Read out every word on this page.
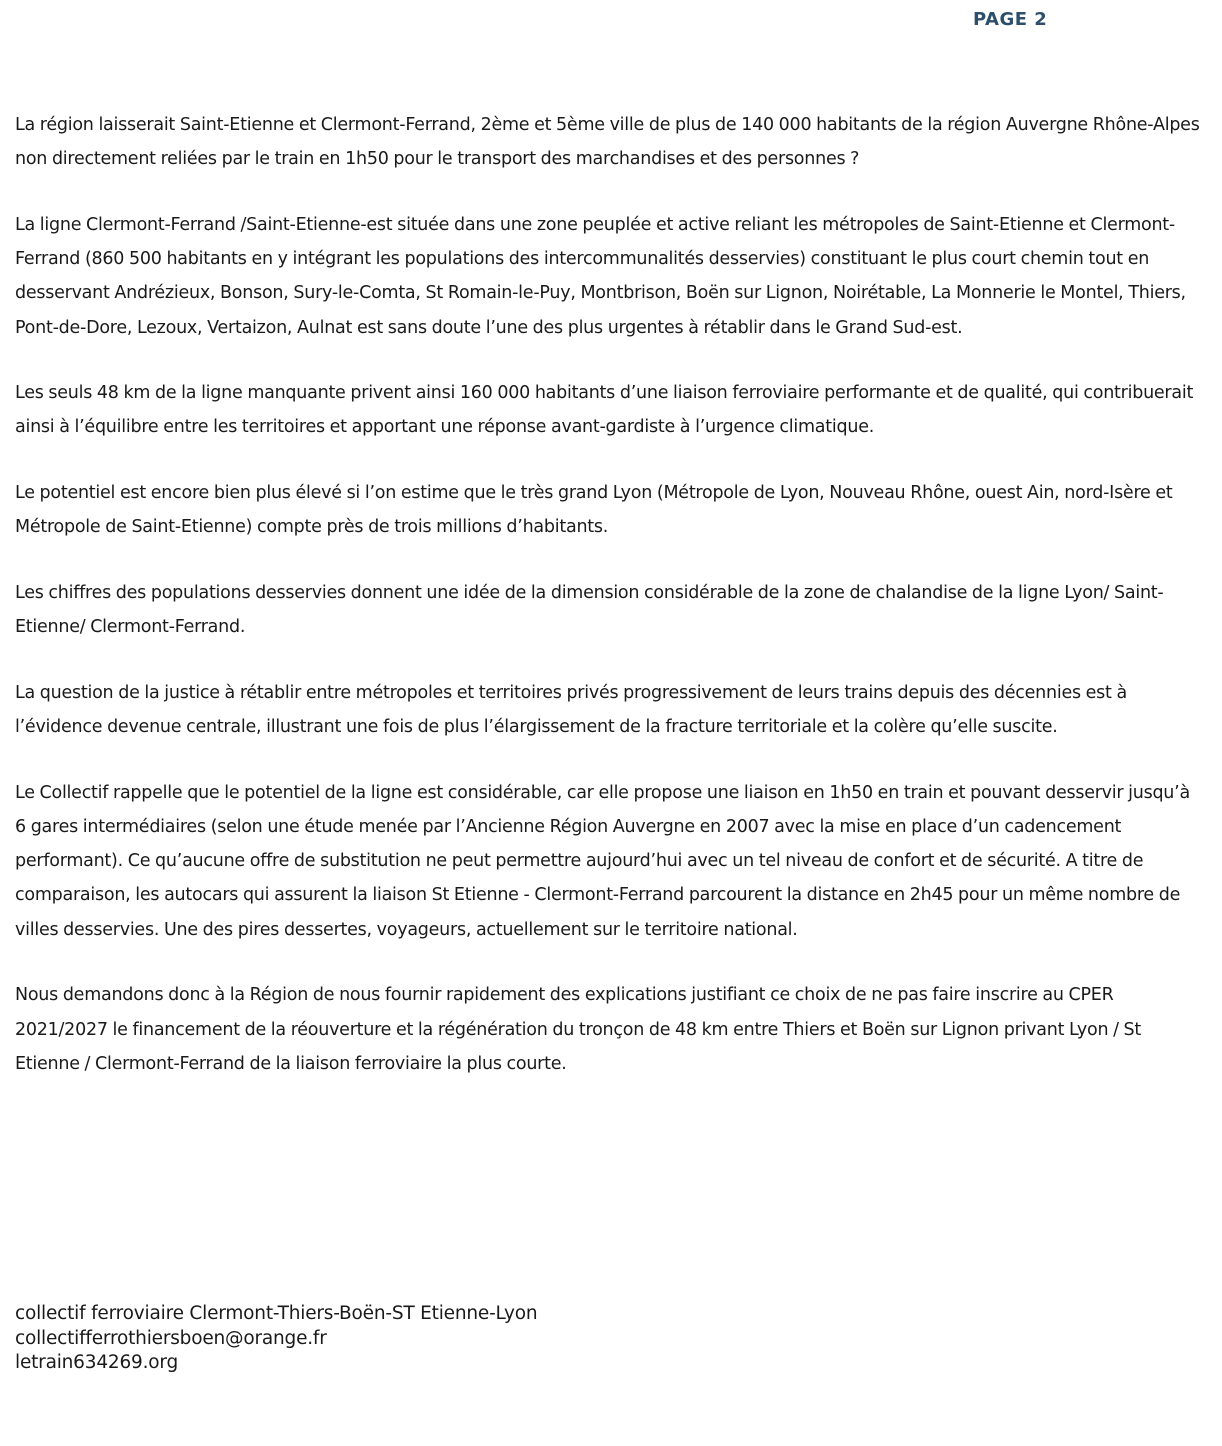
PAGE 2

La région laisserait Saint-Etienne et Clermont-Ferrand, 2ème et 5ème ville de plus de 140 000 habitants de la région Auvergne Rhône-Alpes non directement reliées par le train en 1h50 pour le transport des marchandises et des personnes ?

La ligne Clermont-Ferrand /Saint-Etienne-est située dans une zone peuplée et active reliant les métropoles de Saint-Etienne et Clermont-Ferrand (860 500 habitants en y intégrant les populations des intercommunalités desservies) constituant le plus court chemin tout en desservant Andrézieux, Bonson, Sury-le-Comta, St Romain-le-Puy, Montbrison, Boën sur Lignon, Noirétable, La Monnerie le Montel, Thiers, Pont-de-Dore, Lezoux, Vertaizon, Aulnat est sans doute l’une des plus urgentes à rétablir dans le Grand Sud-est.

Les seuls 48 km de la ligne manquante privent ainsi 160 000 habitants d’une liaison ferroviaire performante et de qualité, qui contribuerait ainsi à l’équilibre entre les territoires et apportant une réponse avant-gardiste à l’urgence climatique.

Le potentiel est encore bien plus élevé si l’on estime que le très grand Lyon (Métropole de Lyon, Nouveau Rhône, ouest Ain, nord-Isère et Métropole de Saint-Etienne) compte près de trois millions d’habitants.

Les chiffres des populations desservies donnent une idée de la dimension considérable de la zone de chalandise de la ligne Lyon/ Saint-Etienne/ Clermont-Ferrand.

La question de la justice à rétablir entre métropoles et territoires privés progressivement de leurs trains depuis des décennies est à l’évidence devenue centrale, illustrant une fois de plus l’élargissement de la fracture territoriale et la colère qu’elle suscite.

Le Collectif rappelle que le potentiel de la ligne est considérable, car elle propose une liaison en 1h50 en train et pouvant desservir jusqu’à 6 gares intermédiaires (selon une étude menée par l’Ancienne Région Auvergne en 2007 avec la mise en place d’un cadencement performant). Ce qu’aucune offre de substitution ne peut permettre aujourd’hui avec un tel niveau de confort et de sécurité. A titre de comparaison, les autocars qui assurent la liaison St Etienne - Clermont-Ferrand parcourent la distance en 2h45 pour un même nombre de villes desservies. Une des pires dessertes, voyageurs, actuellement sur le territoire national.

Nous demandons donc à la Région de nous fournir rapidement des explications justifiant ce choix de ne pas faire inscrire au CPER 2021/2027 le financement de la réouverture et la régénération du tronçon de 48 km entre Thiers et Boën sur Lignon privant Lyon / St Etienne / Clermont-Ferrand de la liaison ferroviaire la plus courte.

collectif ferroviaire Clermont-Thiers-Boën-ST Etienne-Lyon

collectifferrothiersboen@orange.fr

letrain634269.org
